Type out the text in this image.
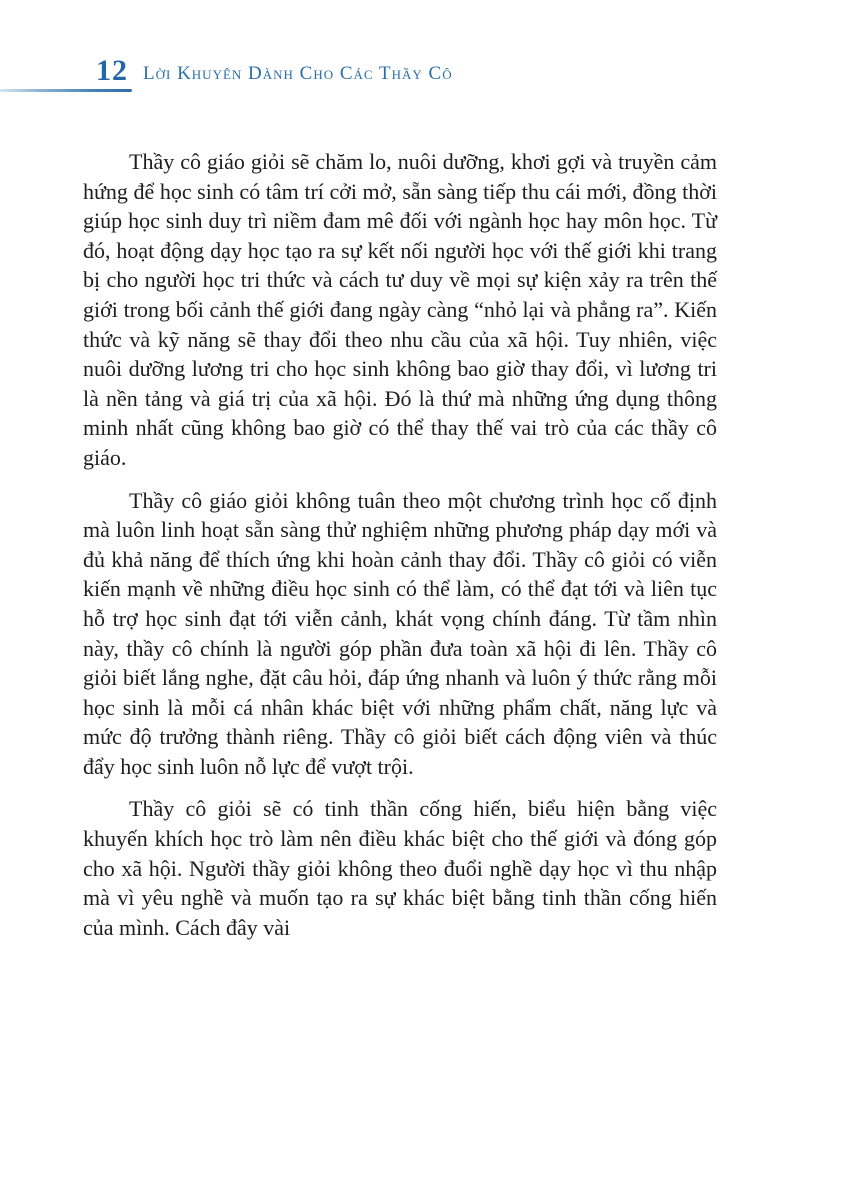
12 Lời Khuyên Dành Cho Các Thầy Cô

Thầy cô giáo giỏi sẽ chăm lo, nuôi dưỡng, khơi gợi và truyền cảm hứng để học sinh có tâm trí cởi mở, sẵn sàng tiếp thu cái mới, đồng thời giúp học sinh duy trì niềm đam mê đối với ngành học hay môn học. Từ đó, hoạt động dạy học tạo ra sự kết nối người học với thế giới khi trang bị cho người học tri thức và cách tư duy về mọi sự kiện xảy ra trên thế giới trong bối cảnh thế giới đang ngày càng “nhỏ lại và phẳng ra”. Kiến thức và kỹ năng sẽ thay đổi theo nhu cầu của xã hội. Tuy nhiên, việc nuôi dưỡng lương tri cho học sinh không bao giờ thay đổi, vì lương tri là nền tảng và giá trị của xã hội. Đó là thứ mà những ứng dụng thông minh nhất cũng không bao giờ có thể thay thế vai trò của các thầy cô giáo.

Thầy cô giáo giỏi không tuân theo một chương trình học cố định mà luôn linh hoạt sẵn sàng thử nghiệm những phương pháp dạy mới và đủ khả năng để thích ứng khi hoàn cảnh thay đổi. Thầy cô giỏi có viễn kiến mạnh về những điều học sinh có thể làm, có thể đạt tới và liên tục hỗ trợ học sinh đạt tới viễn cảnh, khát vọng chính đáng. Từ tầm nhìn này, thầy cô chính là người góp phần đưa toàn xã hội đi lên. Thầy cô giỏi biết lắng nghe, đặt câu hỏi, đáp ứng nhanh và luôn ý thức rằng mỗi học sinh là mỗi cá nhân khác biệt với những phẩm chất, năng lực và mức độ trưởng thành riêng. Thầy cô giỏi biết cách động viên và thúc đẩy học sinh luôn nỗ lực để vượt trội.

Thầy cô giỏi sẽ có tinh thần cống hiến, biểu hiện bằng việc khuyến khích học trò làm nên điều khác biệt cho thế giới và đóng góp cho xã hội. Người thầy giỏi không theo đuổi nghề dạy học vì thu nhập mà vì yêu nghề và muốn tạo ra sự khác biệt bằng tinh thần cống hiến của mình. Cách đây vài
